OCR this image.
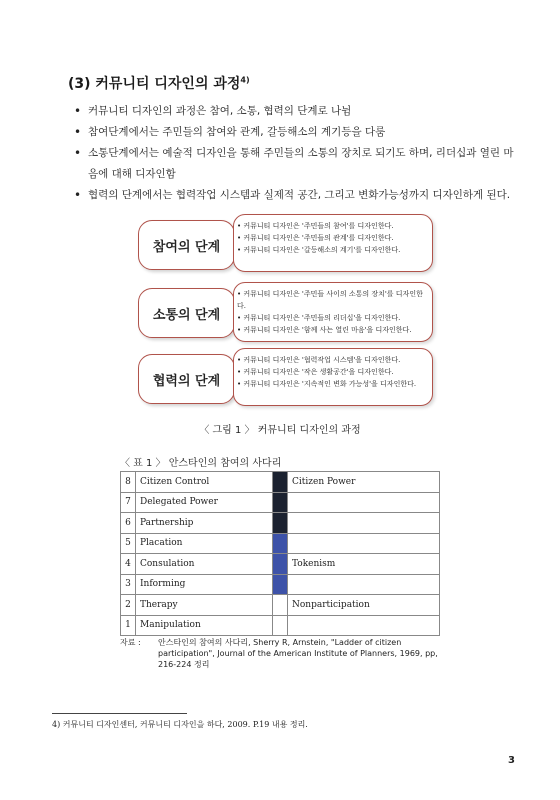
(3) 커뮤니티 디자인의 과정$^{4)}$
• 커뮤니티 디자인의 과정은 참여, 소통, 협력의 단계로 나뉨
• 참여단계에서는 주민들의 참여와 관계, 갈등해소의 계기등을 다룸
• 소통단계에서는 예술적 디자인을 통해 주민들의 소통의 장치로 되기도 하며, 리더십과 열린 마음에 대해 디자인함
• 협력의 단계에서는 협력작업 시스템과 실제적 공간, 그리고 변화가능성까지 디자인하게 된다.
참여의 단계
• 커뮤니티 디자인은 '주민들의 참여'를 디자인한다.
• 커뮤니티 디자인은 '주민들의 관계'를 디자인한다.
• 커뮤니티 디자인은 '갈등해소의 계기'를 디자인한다.
소통의 단계
• 커뮤니티 디자인은 '주민들 사이의 소통의 장치'를 디자인한다.
• 커뮤니티 디자인은 '주민들의 리더십'을 디자인한다.
• 커뮤니티 디자인은 '함께 사는 열린 마음'을 디자인한다.
협력의 단계
• 커뮤니티 디자인은 '협력작업 시스템'을 디자인한다.
• 커뮤니티 디자인은 '작은 생활공간'을 디자인한다.
• 커뮤니티 디자인은 '지속적인 변화 가능성'을 디자인한다.
〈 그림 1 〉 커뮤니티 디자인의 과정
〈 표 1 〉 안스타인의 참여의 사다리
8	Citizen Control		Citizen Power
7	Delegated Power		
6	Partnership		
5	Placation		
4	Consulation		Tokenism
3	Informing		
2	Therapy		Nonparticipation
1	Manipulation		
자료 :	안스타인의 참여의 사다리, Sherry R, Arnstein, "Ladder of citizen participation", Journal of the American Institute of Planners, 1969, pp, 216-224 정리
4) 커뮤니티 디자인센터, 커뮤니티 디자인을 하다, 2009. P.19 내용 정리.
3
